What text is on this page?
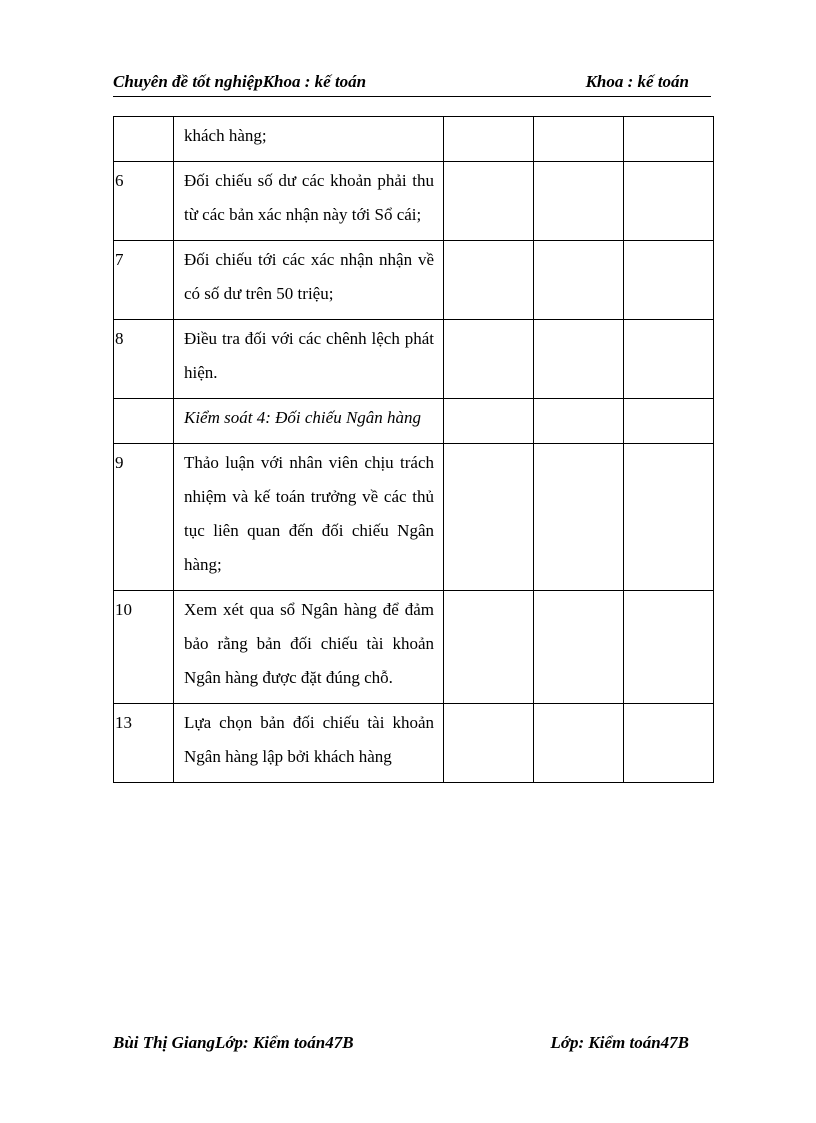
Chuyên đề tốt nghiệpKhoa : kế toán	Khoa : kế toán

	khách hàng;			

6	Đối chiếu số dư các khoản phải thu từ các bản xác nhận này tới Sổ cái;			

7	Đối chiếu tới các xác nhận nhận về có số dư trên 50 triệu;			

8	Điều tra đối với các chênh lệch phát hiện.			

	Kiểm soát 4: Đối chiếu Ngân hàng			

9	Thảo luận với nhân viên chịu trách nhiệm và kế toán trưởng về các thủ tục liên quan đến đối chiếu Ngân hàng;			

10	Xem xét qua sổ Ngân hàng để đảm bảo rằng bản đối chiếu tài khoản Ngân hàng được đặt đúng chỗ.			

13	Lựa chọn bản đối chiếu tài khoản Ngân hàng lập bởi khách hàng			

Bùi Thị GiangLớp: Kiểm toán47B	Lớp: Kiểm toán47B
